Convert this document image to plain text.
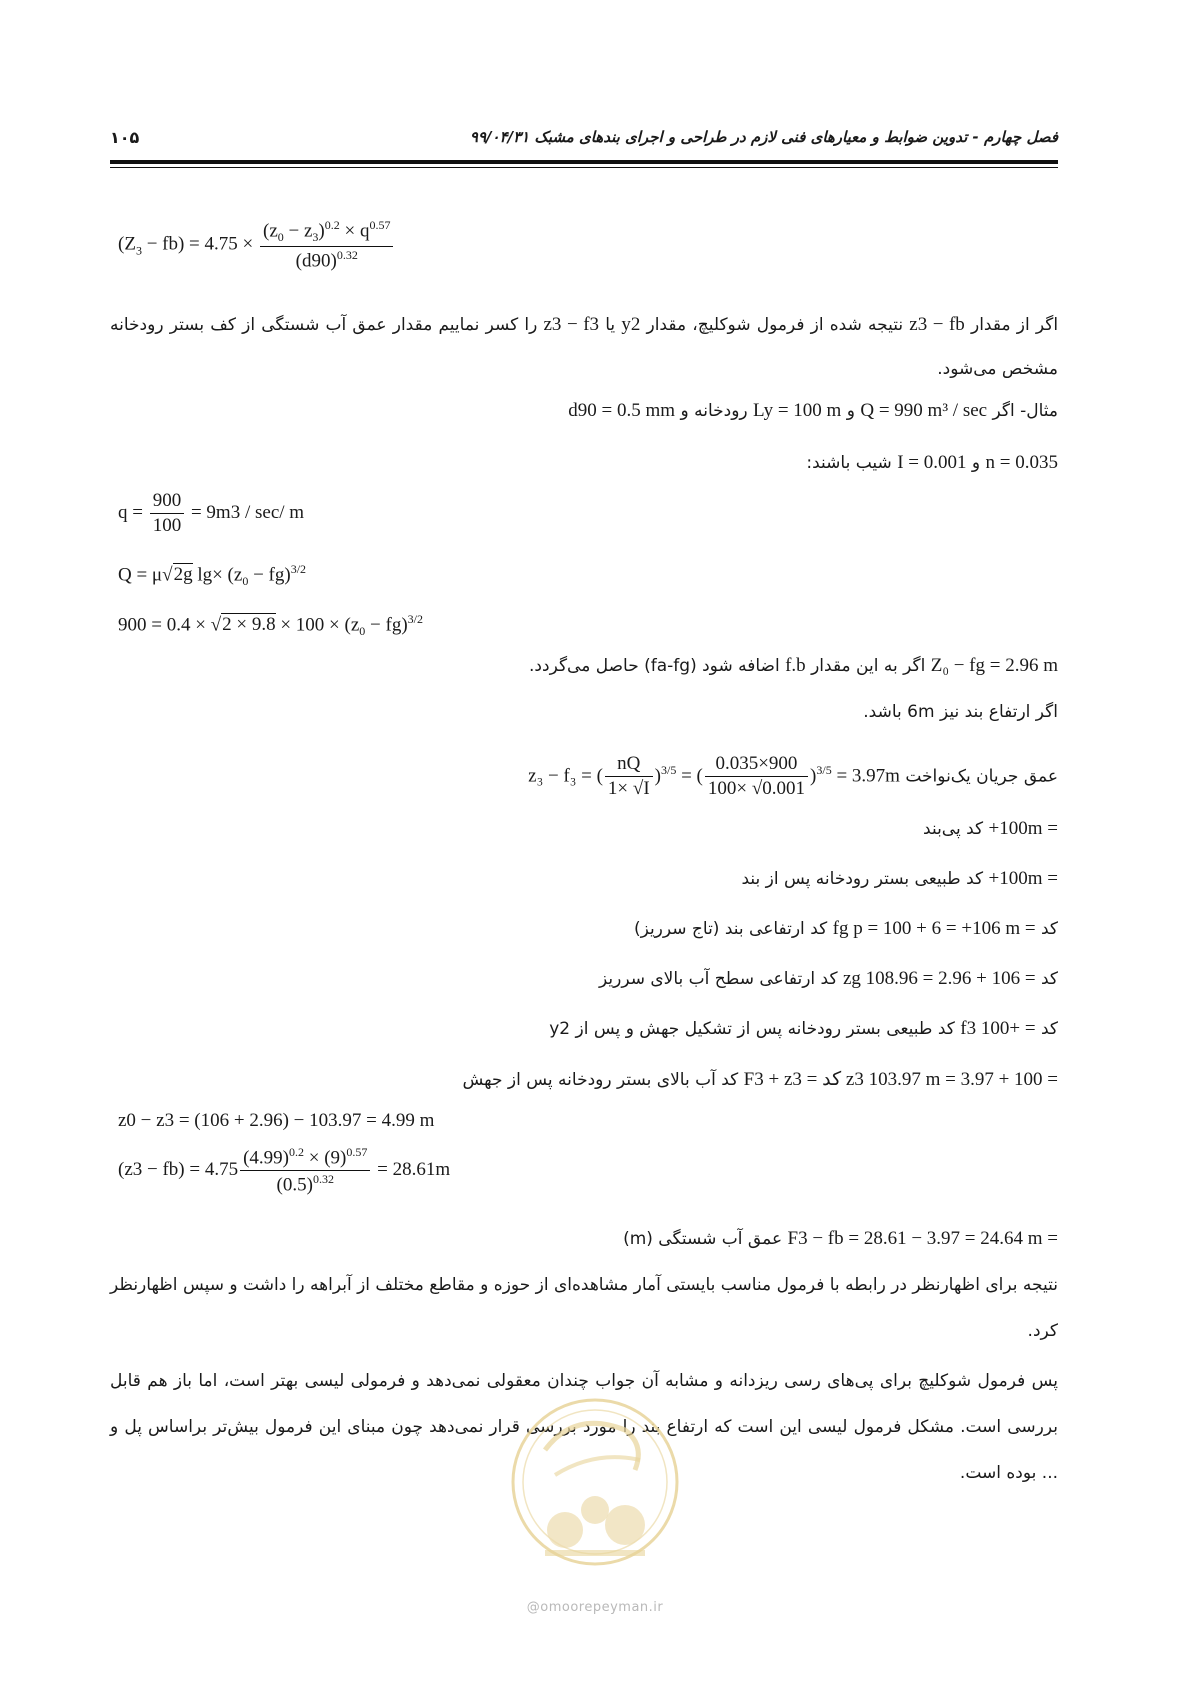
فصل چهارم - تدوین ضوابط و معیارهای فنی لازم در طراحی و اجرای بندهای مشبک ۹۹/۰۴/۳۱
۱۰۵
$(Z_3 - fb) = 4.75 \times \frac{(z_0 - z_3)^{0.2} \times q^{0.57}}{(d90)^{0.32}}$
اگر از مقدار z3 − fb نتیجه شده از فرمول شوکلیچ، مقدار y2 یا z3 − f3 را کسر نماییم مقدار عمق آب شستگی از کف بستر رودخانه مشخص می‌شود.
مثال- اگر Q = 990 m³ / sec و Ly = 100 m رودخانه و d90 = 0.5 mm
n = 0.035 و I = 0.001 شیب باشند:
$q = \frac{900}{100} = 9m3 / \sec/$ m
Q = μ√2g $\lg\times (z_0 - fg)^{3/2}$
$900 = 0.4 \times √2 \times 9.8 \times 100 \times (z_0 - fg)^{3/2}$
Z₀ − fg = 2.96 m اگر به این مقدار f.b اضافه شود (fa-fg) حاصل می‌گردد.
اگر ارتفاع بند نیز 6m باشد.
عمق جریان یک‌نواخت z₃ − f₃ = ( $\frac{nQ}{1\times √I} )^{3/5}$ = ( $\frac{0.035\times 900}{100\times √0.001} )^{3/5} = 3.97m$
+100m = کد پی‌بند
+100m = کد طبیعی بستر رودخانه پس از بند
کد fg p = 100 + 6 = +106 m = کد ارتفاعی بند (تاج سرریز)
کد zg 108.96 = 2.96 + 106 = کد ارتفاعی سطح آب بالای سرریز
کد f3 100+ = کد طبیعی بستر رودخانه پس از تشکیل جهش و پس از y2
F3 + z3 = کد z3 103.97 m = 3.97 + 100 = کد آب بالای بستر رودخانه پس از جهش
z0 − z3 = (106 + 2.96) − 103.97 = 4.99 m
$(z3 - fb) = 4.75 \frac{(4.99)^{0.2} \times (9)^{0.57}}{(0.5)^{0.32}} = 28.61m$
F3 − fb = 28.61 − 3.97 = 24.64 m = عمق آب شستگی (m)
نتیجه برای اظهارنظر در رابطه با فرمول مناسب بایستی آمار مشاهده‌ای از حوزه و مقاطع مختلف از آبراهه را داشت و سپس اظهارنظر کرد.
پس فرمول شوکلیچ برای پی‌های رسی ریزدانه و مشابه آن جواب چندان معقولی نمی‌دهد و فرمولی لیسی بهتر است، اما باز هم قابل بررسی است. مشکل فرمول لیسی این است که ارتفاع بند را مورد بررسی قرار نمی‌دهد چون مبنای این فرمول بیش‌تر براساس پل و ... بوده است.
@omoorepeyman.ir
